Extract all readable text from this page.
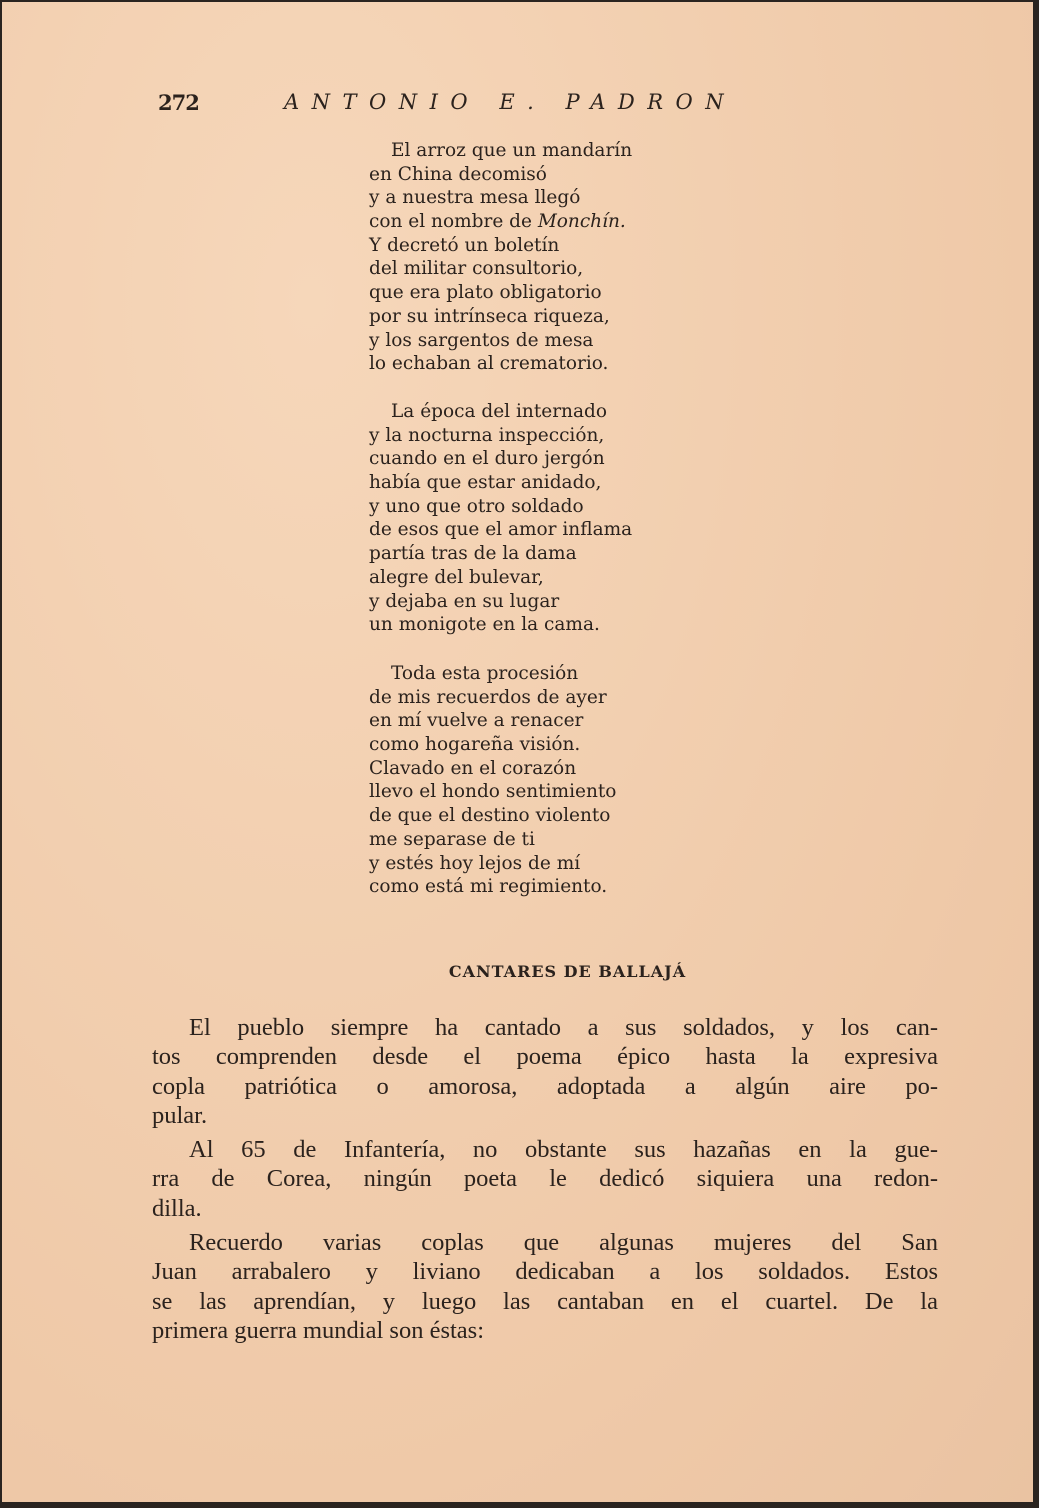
272	ANTONIO E. PADRON
El arroz que un mandarín
en China decomisó
y a nuestra mesa llegó
con el nombre de Monchín.
Y decretó un boletín
del militar consultorio,
que era plato obligatorio
por su intrínseca riqueza,
y los sargentos de mesa
lo echaban al crematorio.
La época del internado
y la nocturna inspección,
cuando en el duro jergón
había que estar anidado,
y uno que otro soldado
de esos que el amor inflama
partía tras de la dama
alegre del bulevar,
y dejaba en su lugar
un monigote en la cama.
Toda esta procesión
de mis recuerdos de ayer
en mí vuelve a renacer
como hogareña visión.
Clavado en el corazón
llevo el hondo sentimiento
de que el destino violento
me separase de ti
y estés hoy lejos de mí
como está mi regimiento.
CANTARES DE BALLAJÁ
El pueblo siempre ha cantado a sus soldados, y los can-
tos comprenden desde el poema épico hasta la expresiva
copla patriótica o amorosa, adoptada a algún aire po-
pular.
Al 65 de Infantería, no obstante sus hazañas en la gue-
rra de Corea, ningún poeta le dedicó siquiera una redon-
dilla.
Recuerdo varias coplas que algunas mujeres del San
Juan arrabalero y liviano dedicaban a los soldados. Estos
se las aprendían, y luego las cantaban en el cuartel. De la
primera guerra mundial son éstas:
